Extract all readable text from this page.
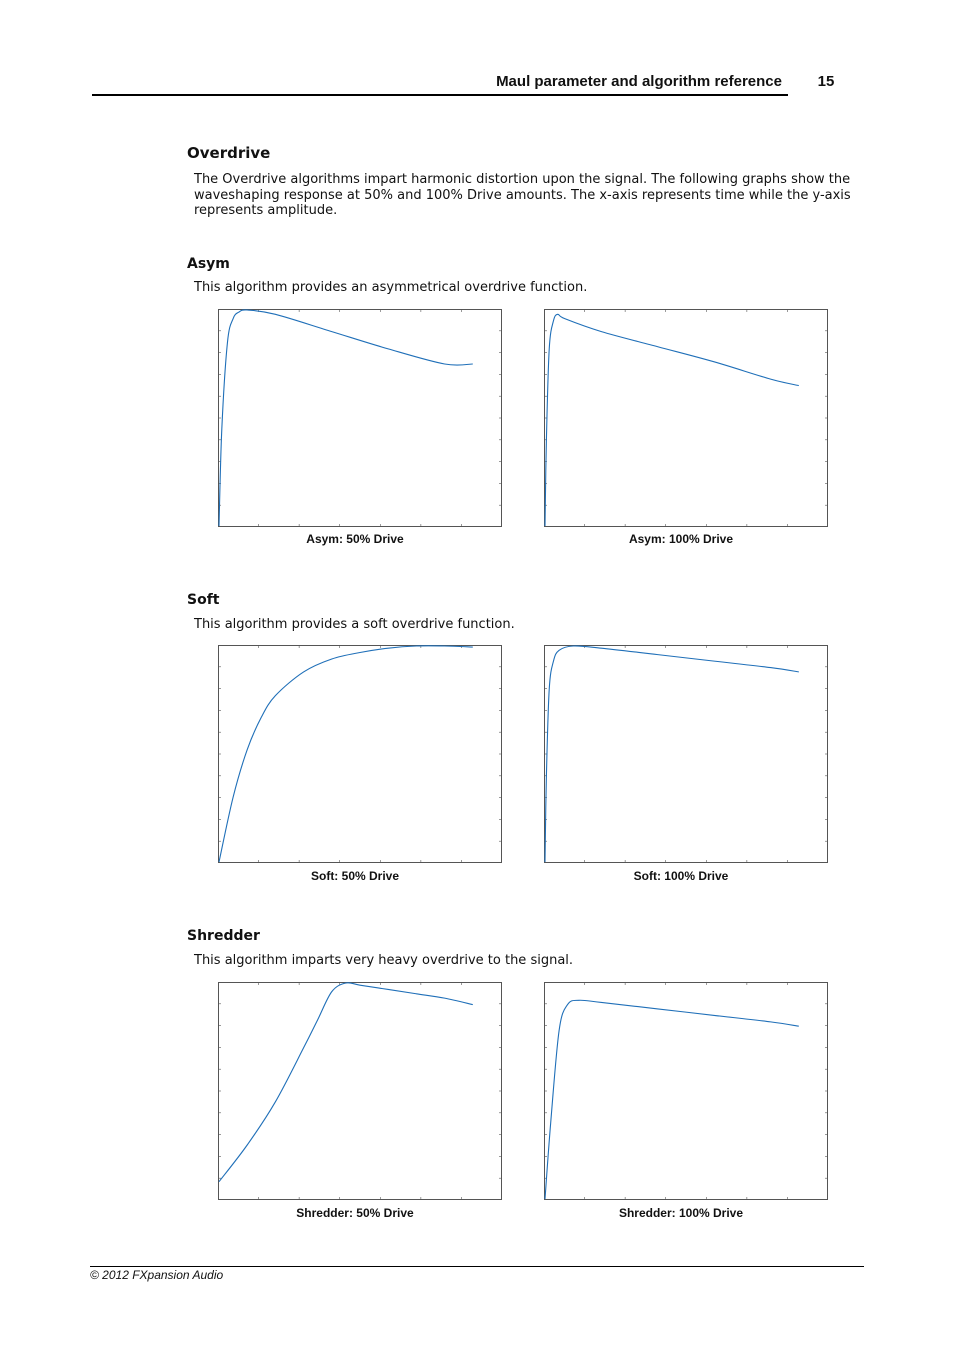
Maul parameter and algorithm reference	15
Overdrive
The Overdrive algorithms impart harmonic distortion upon the signal. The following graphs show the waveshaping response at 50% and 100% Drive amounts. The x-axis represents time while the y-axis represents amplitude.
Asym
This algorithm provides an asymmetrical overdrive function.
Asym: 50% Drive	Asym: 100% Drive
Soft
This algorithm provides a soft overdrive function.
Soft: 50% Drive	Soft: 100% Drive
Shredder
This algorithm imparts very heavy overdrive to the signal.
Shredder: 50% Drive	Shredder: 100% Drive
© 2012 FXpansion Audio
